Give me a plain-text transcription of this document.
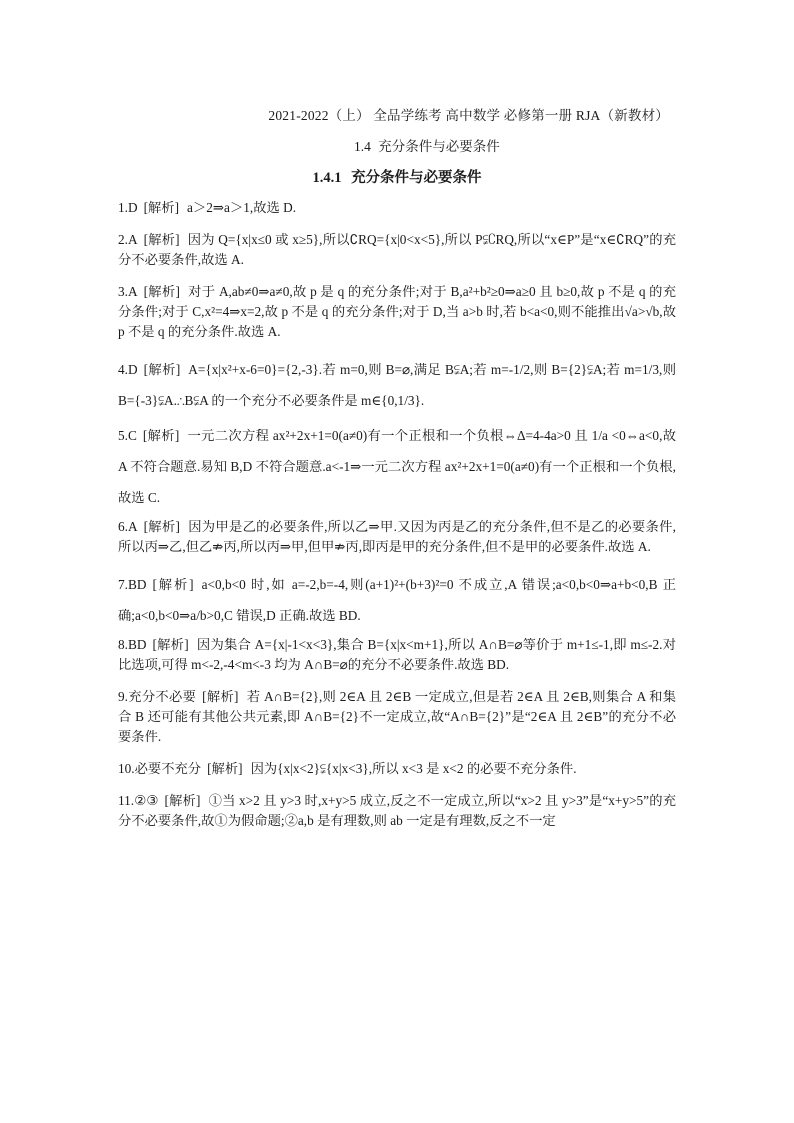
2021-2022（上） 全品学练考 高中数学 必修第一册 RJA（新教材）
1.4 充分条件与必要条件
1.4.1 充分条件与必要条件

1.D [解析] a＞2⇒a＞1,故选 D.

2.A [解析] 因为 Q={x|x≤0 或 x≥5},所以∁RQ={x|0<x<5},所以 P⫋∁RQ,所以“x∈P”是“x∈∁RQ”的充分不必要条件,故选 A.

3.A [解析] 对于 A,ab≠0⇒a≠0,故 p 是 q 的充分条件;对于 B,a²+b²≥0⇒a≥0 且 b≥0,故 p 不是 q 的充分条件;对于 C,x²=4⇒x=2,故 p 不是 q 的充分条件;对于 D,当 a>b 时,若 b<a<0,则不能推出√a>√b,故 p 不是 q 的充分条件.故选 A.

4.D [解析] A={x|x²+x-6=0}={2,-3}.若 m=0,则 B=⌀,满足 B⫋A;若 m=-1/2,则 B={2}⫋A;若 m=1/3,则 B={-3}⫋A.∴B⫋A 的一个充分不必要条件是 m∈{0,1/3}.

5.C [解析] 一元二次方程 ax²+2x+1=0(a≠0)有一个正根和一个负根⇔Δ=4-4a>0 且 1/a <0⇔a<0,故 A 不符合题意.易知 B,D 不符合题意.a<-1⇒一元二次方程 ax²+2x+1=0(a≠0)有一个正根和一个负根,故选 C.

6.A [解析] 因为甲是乙的必要条件,所以乙⇒甲.又因为丙是乙的充分条件,但不是乙的必要条件,所以丙⇒乙,但乙⇏丙,所以丙⇒甲,但甲⇏丙,即丙是甲的充分条件,但不是甲的必要条件.故选 A.

7.BD [解析] a<0,b<0 时,如 a=-2,b=-4,则(a+1)²+(b+3)²=0 不成立,A 错误;a<0,b<0⇒a+b<0,B 正确;a<0,b<0⇒a/b>0,C 错误,D 正确.故选 BD.

8.BD [解析] 因为集合 A={x|-1<x<3},集合 B={x|x<m+1},所以 A∩B=⌀等价于 m+1≤-1,即 m≤-2.对比选项,可得 m<-2,-4<m<-3 均为 A∩B=⌀的充分不必要条件.故选 BD.

9.充分不必要 [解析] 若 A∩B={2},则 2∈A 且 2∈B 一定成立,但是若 2∈A 且 2∈B,则集合 A 和集合 B 还可能有其他公共元素,即 A∩B={2}不一定成立,故“A∩B={2}”是“2∈A 且 2∈B”的充分不必要条件.

10.必要不充分 [解析] 因为{x|x<2}⫋{x|x<3},所以 x<3 是 x<2 的必要不充分条件.

11.②③ [解析] ①当 x>2 且 y>3 时,x+y>5 成立,反之不一定成立,所以“x>2 且 y>3”是“x+y>5”的充分不必要条件,故①为假命题;②a,b 是有理数,则 ab 一定是有理数,反之不一定
